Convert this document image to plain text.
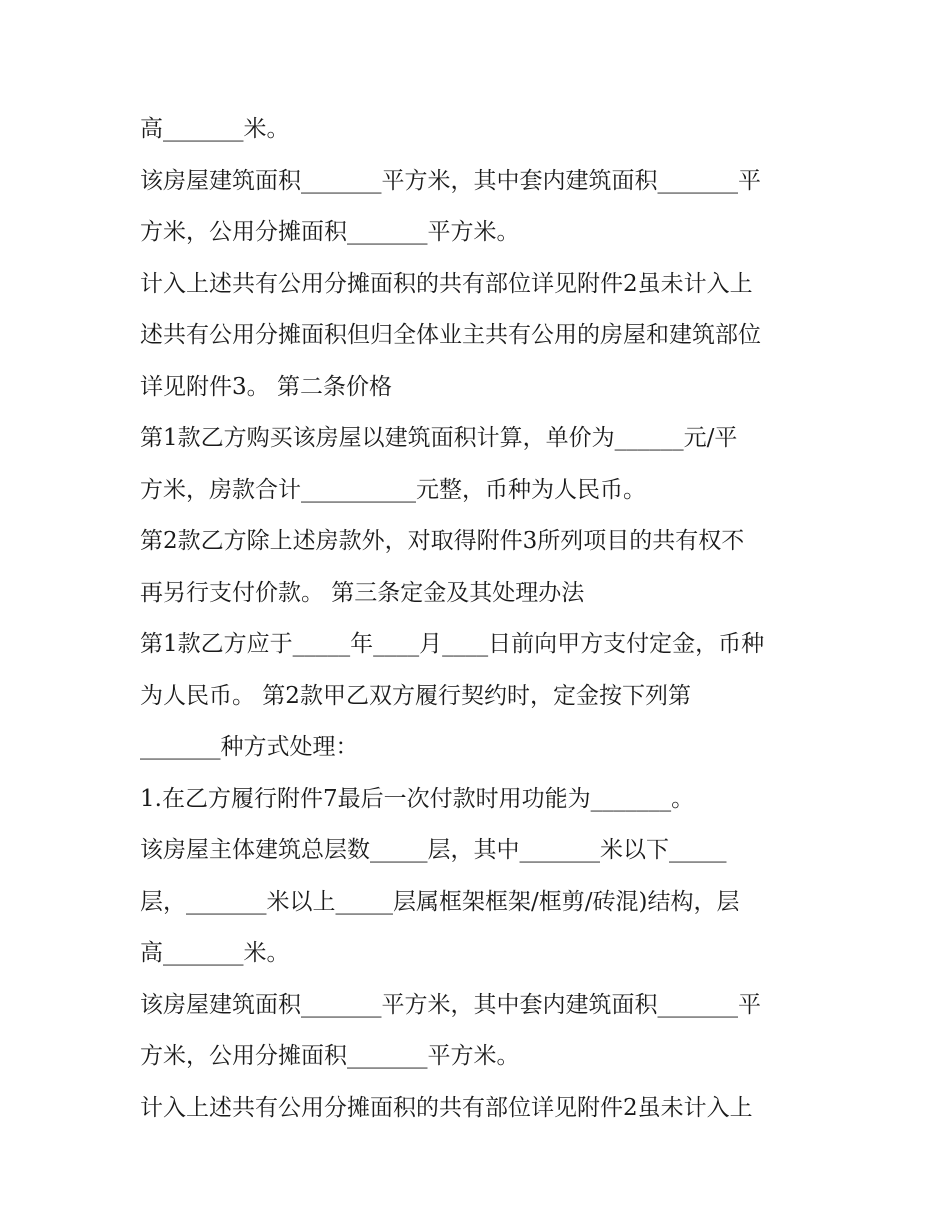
高_______米。
该房屋建筑面积_______平方米，其中套内建筑面积_______平
方米，公用分摊面积_______平方米。
计入上述共有公用分摊面积的共有部位详见附件2虽未计入上
述共有公用分摊面积但归全体业主共有公用的房屋和建筑部位
详见附件3。 第二条价格
第1款乙方购买该房屋以建筑面积计算，单价为______元/平
方米，房款合计__________元整，币种为人民币。
第2款乙方除上述房款外，对取得附件3所列项目的共有权不
再另行支付价款。 第三条定金及其处理办法
第1款乙方应于_____年____月____日前向甲方支付定金，币种
为人民币。 第2款甲乙双方履行契约时，定金按下列第
_______种方式处理：
1.在乙方履行附件7最后一次付款时用功能为_______。
该房屋主体建筑总层数_____层，其中_______米以下_____
层，_______米以上_____层属框架框架/框剪/砖混)结构，层
高_______米。
该房屋建筑面积_______平方米，其中套内建筑面积_______平
方米，公用分摊面积_______平方米。
计入上述共有公用分摊面积的共有部位详见附件2虽未计入上
